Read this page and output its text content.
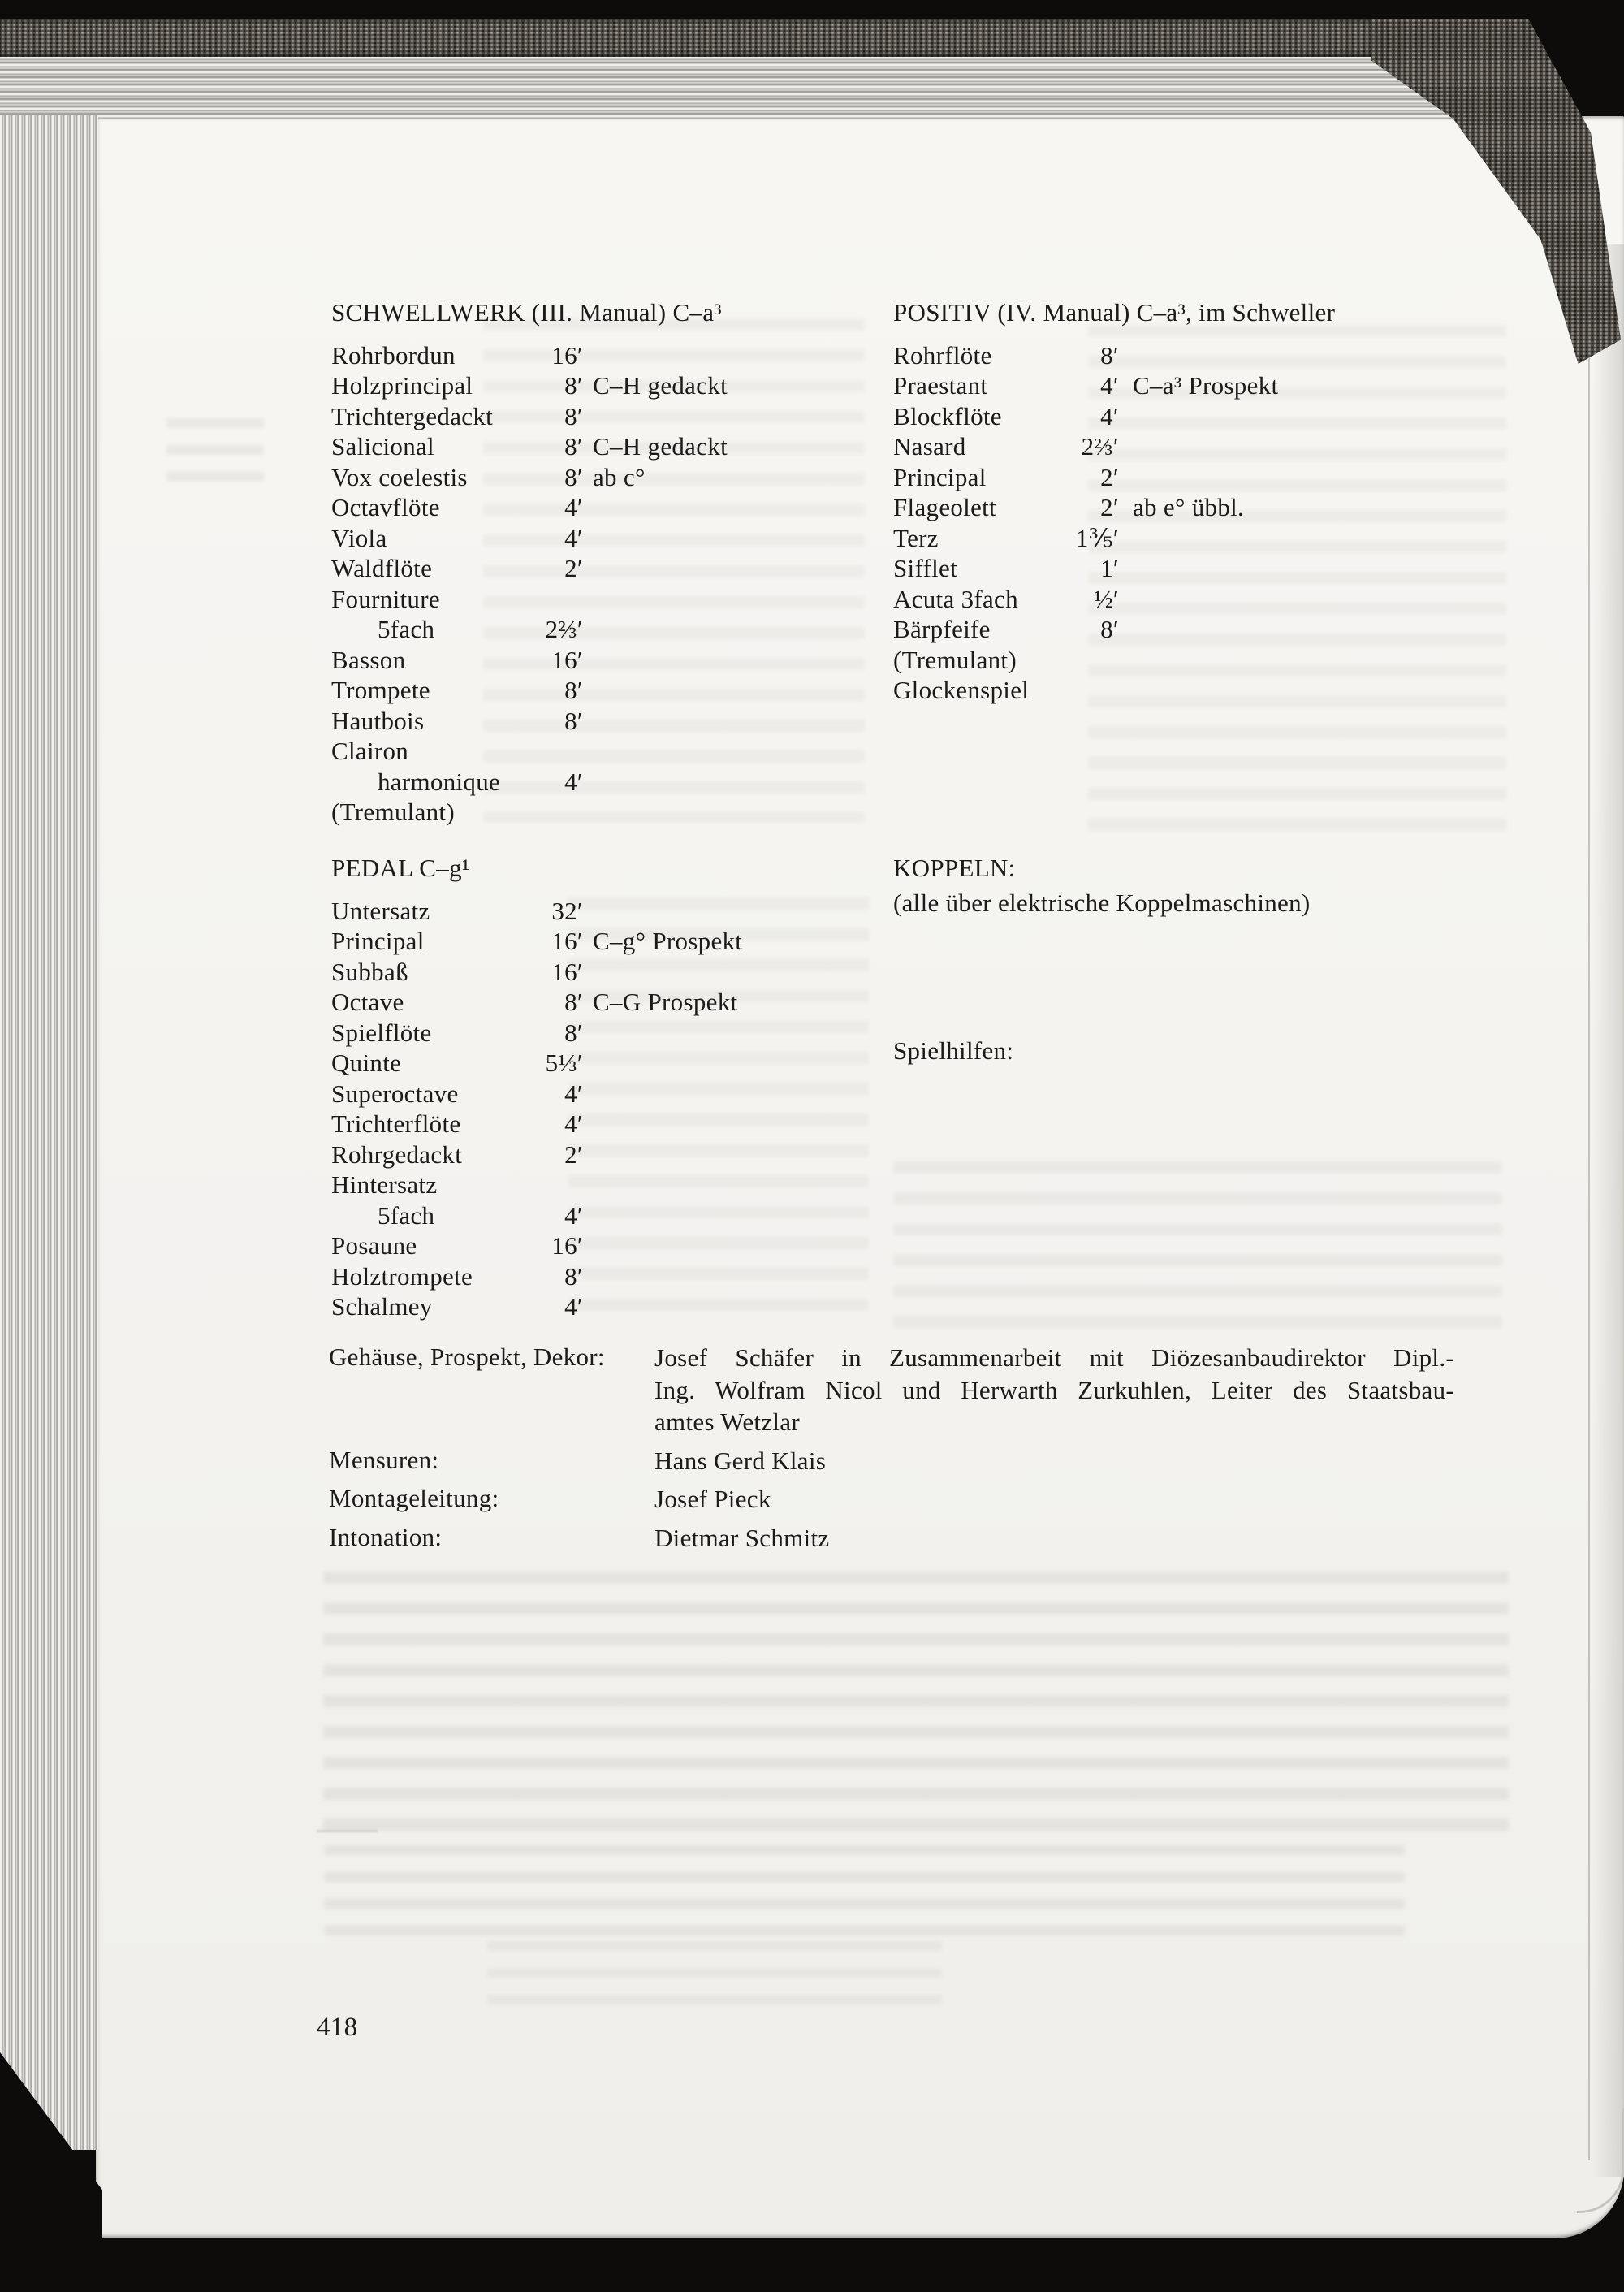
SCHWELLWERK (III. Manual) C–a³
Rohrbordun	16′
Holzprincipal	8′ C–H gedackt
Trichtergedackt	8′
Salicional	8′ C–H gedackt
Vox coelestis	8′ ab c°
Octavflöte	4′
Viola	4′
Waldflöte	2′
Fourniture
5fach	2⅔′
Basson	16′
Trompete	8′
Hautbois	8′
Clairon
harmonique	4′
(Tremulant)
POSITIV (IV. Manual) C–a³, im Schweller
Rohrflöte	8′
Praestant	4′ C–a³ Prospekt
Blockflöte	4′
Nasard	2⅔′
Principal	2′
Flageolett	2′ ab e° übbl.
Terz	1⅗′
Sifflet	1′
Acuta 3fach	½′
Bärpfeife	8′
(Tremulant)
Glockenspiel
PEDAL C–g¹
Untersatz	32′
Principal	16′ C–g° Prospekt
Subbaß	16′
Octave	8′ C–G Prospekt
Spielflöte	8′
Quinte	5⅓′
Superoctave	4′
Trichterflöte	4′
Rohrgedackt	2′
Hintersatz
5fach	4′
Posaune	16′
Holztrompete	8′
Schalmey	4′
KOPPELN:
(alle über elektrische Koppelmaschinen)
Spielhilfen:
Gehäuse, Prospekt, Dekor:	Josef Schäfer in Zusammenarbeit mit Diözesanbaudirektor Dipl.-
Ing. Wolfram Nicol und Herwarth Zurkuhlen, Leiter des Staatsbau-
amtes Wetzlar
Mensuren:	Hans Gerd Klais
Montageleitung:	Josef Pieck
Intonation:	Dietmar Schmitz
418
